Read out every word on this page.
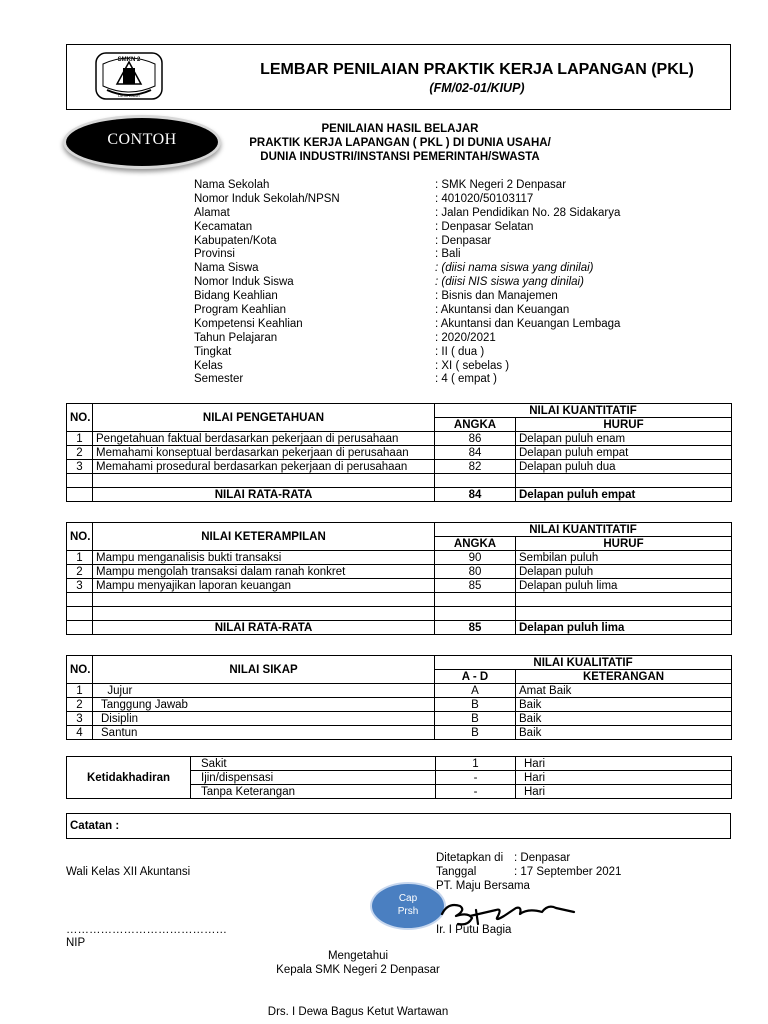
SMKN 2
DENPASAR
LEMBAR PENILAIAN PRAKTIK KERJA LAPANGAN (PKL)
(FM/02-01/KIUP)
CONTOH
PENILAIAN HASIL BELAJAR
PRAKTIK KERJA LAPANGAN ( PKL ) DI DUNIA USAHA/
DUNIA INDUSTRI/INSTANSI PEMERINTAH/SWASTA
Nama Sekolah	: SMK Negeri 2 Denpasar
Nomor Induk Sekolah/NPSN	: 401020/50103117
Alamat	: Jalan Pendidikan No. 28 Sidakarya
Kecamatan	: Denpasar Selatan
Kabupaten/Kota	: Denpasar
Provinsi	: Bali
Nama Siswa	: (diisi nama siswa yang dinilai)
Nomor Induk Siswa	: (diisi NIS siswa yang dinilai)
Bidang Keahlian	: Bisnis dan Manajemen
Program Keahlian	: Akuntansi dan Keuangan
Kompetensi Keahlian	: Akuntansi dan Keuangan Lembaga
Tahun Pelajaran	: 2020/2021
Tingkat	: II ( dua )
Kelas	: XI ( sebelas )
Semester	: 4 ( empat )
NO.	NILAI PENGETAHUAN	NILAI KUANTITATIF	
		ANGKA	HURUF
1	Pengetahuan faktual berdasarkan pekerjaan di perusahaan	86	Delapan puluh enam
2	Memahami konseptual berdasarkan pekerjaan di perusahaan	84	Delapan puluh empat
3	Memahami prosedural berdasarkan pekerjaan di perusahaan	82	Delapan puluh dua

	NILAI RATA-RATA	84	Delapan puluh empat
NO.	NILAI KETERAMPILAN	NILAI KUANTITATIF	
		ANGKA	HURUF
1	Mampu menganalisis bukti transaksi	90	Sembilan puluh
2	Mampu mengolah transaksi dalam ranah konkret	80	Delapan puluh
3	Mampu menyajikan laporan keuangan	85	Delapan puluh lima

	NILAI RATA-RATA	85	Delapan puluh lima
NO.	NILAI SIKAP	NILAI KUALITATIF	
		A - D	KETERANGAN
1	Jujur	A	Amat Baik
2	Tanggung Jawab	B	Baik
3	Disiplin	B	Baik
4	Santun	B	Baik
Ketidakhadiran	Sakit	1	Hari
	Ijin/dispensasi	-	Hari
	Tanpa Keterangan	-	Hari
Catatan :
Ditetapkan di : Denpasar
Wali Kelas XII Akuntansi	Tanggal	: 17 September 2021
PT. Maju Bersama
Cap
Prsh
……………………………………	Ir. I Putu Bagia
NIP
Mengetahui
Kepala SMK Negeri 2 Denpasar
Drs. I Dewa Bagus Ketut Wartawan
